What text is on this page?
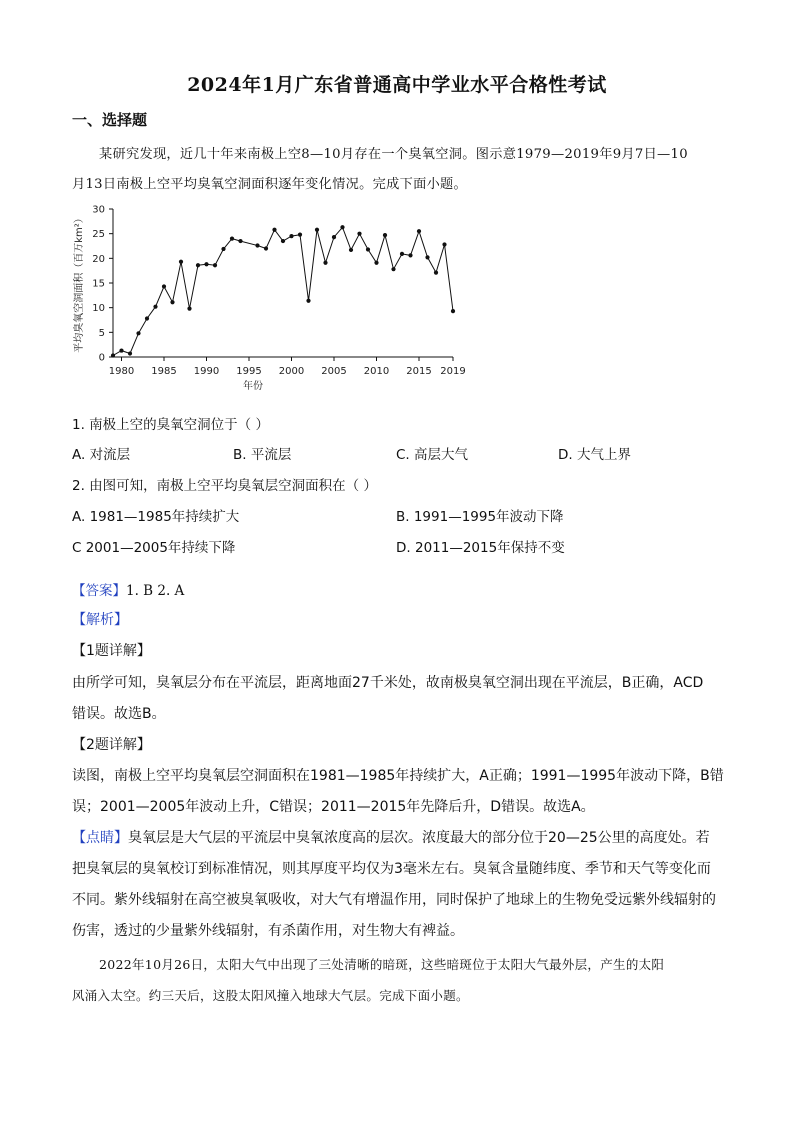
2024年1月广东省普通高中学业水平合格性考试
一、选择题
某研究发现，近几十年来南极上空8—10月存在一个臭氧空洞。图示意1979—2019年9月7日—10
月13日南极上空平均臭氧空洞面积逐年变化情况。完成下面小题。
0
5
10
15
20
25
30
1980 1985 1990 1995 2000 2005 2010 2015 2019
年份
平均臭氧空洞面积（百万km²）
1. 南极上空的臭氧空洞位于（ ）
A. 对流层	B. 平流层	C. 高层大气	D. 大气上界
2. 由图可知，南极上空平均臭氧层空洞面积在（ ）
A. 1981—1985年持续扩大	B. 1991—1995年波动下降
C 2001—2005年持续下降	D. 2011—2015年保持不变
【答案】1. B 2. A
【解析】
【1题详解】
由所学可知，臭氧层分布在平流层，距离地面27千米处，故南极臭氧空洞出现在平流层，B正确，ACD
错误。故选B。
【2题详解】
读图，南极上空平均臭氧层空洞面积在1981—1985年持续扩大，A正确；1991—1995年波动下降，B错
误；2001—2005年波动上升，C错误；2011—2015年先降后升，D错误。故选A。
【点睛】臭氧层是大气层的平流层中臭氧浓度高的层次。浓度最大的部分位于20—25公里的高度处。若
把臭氧层的臭氧校订到标准情况，则其厚度平均仅为3毫米左右。臭氧含量随纬度、季节和天气等变化而
不同。紫外线辐射在高空被臭氧吸收，对大气有增温作用，同时保护了地球上的生物免受远紫外线辐射的
伤害，透过的少量紫外线辐射，有杀菌作用，对生物大有裨益。
2022年10月26日，太阳大气中出现了三处清晰的暗斑，这些暗斑位于太阳大气最外层，产生的太阳
风涌入太空。约三天后，这股太阳风撞入地球大气层。完成下面小题。
